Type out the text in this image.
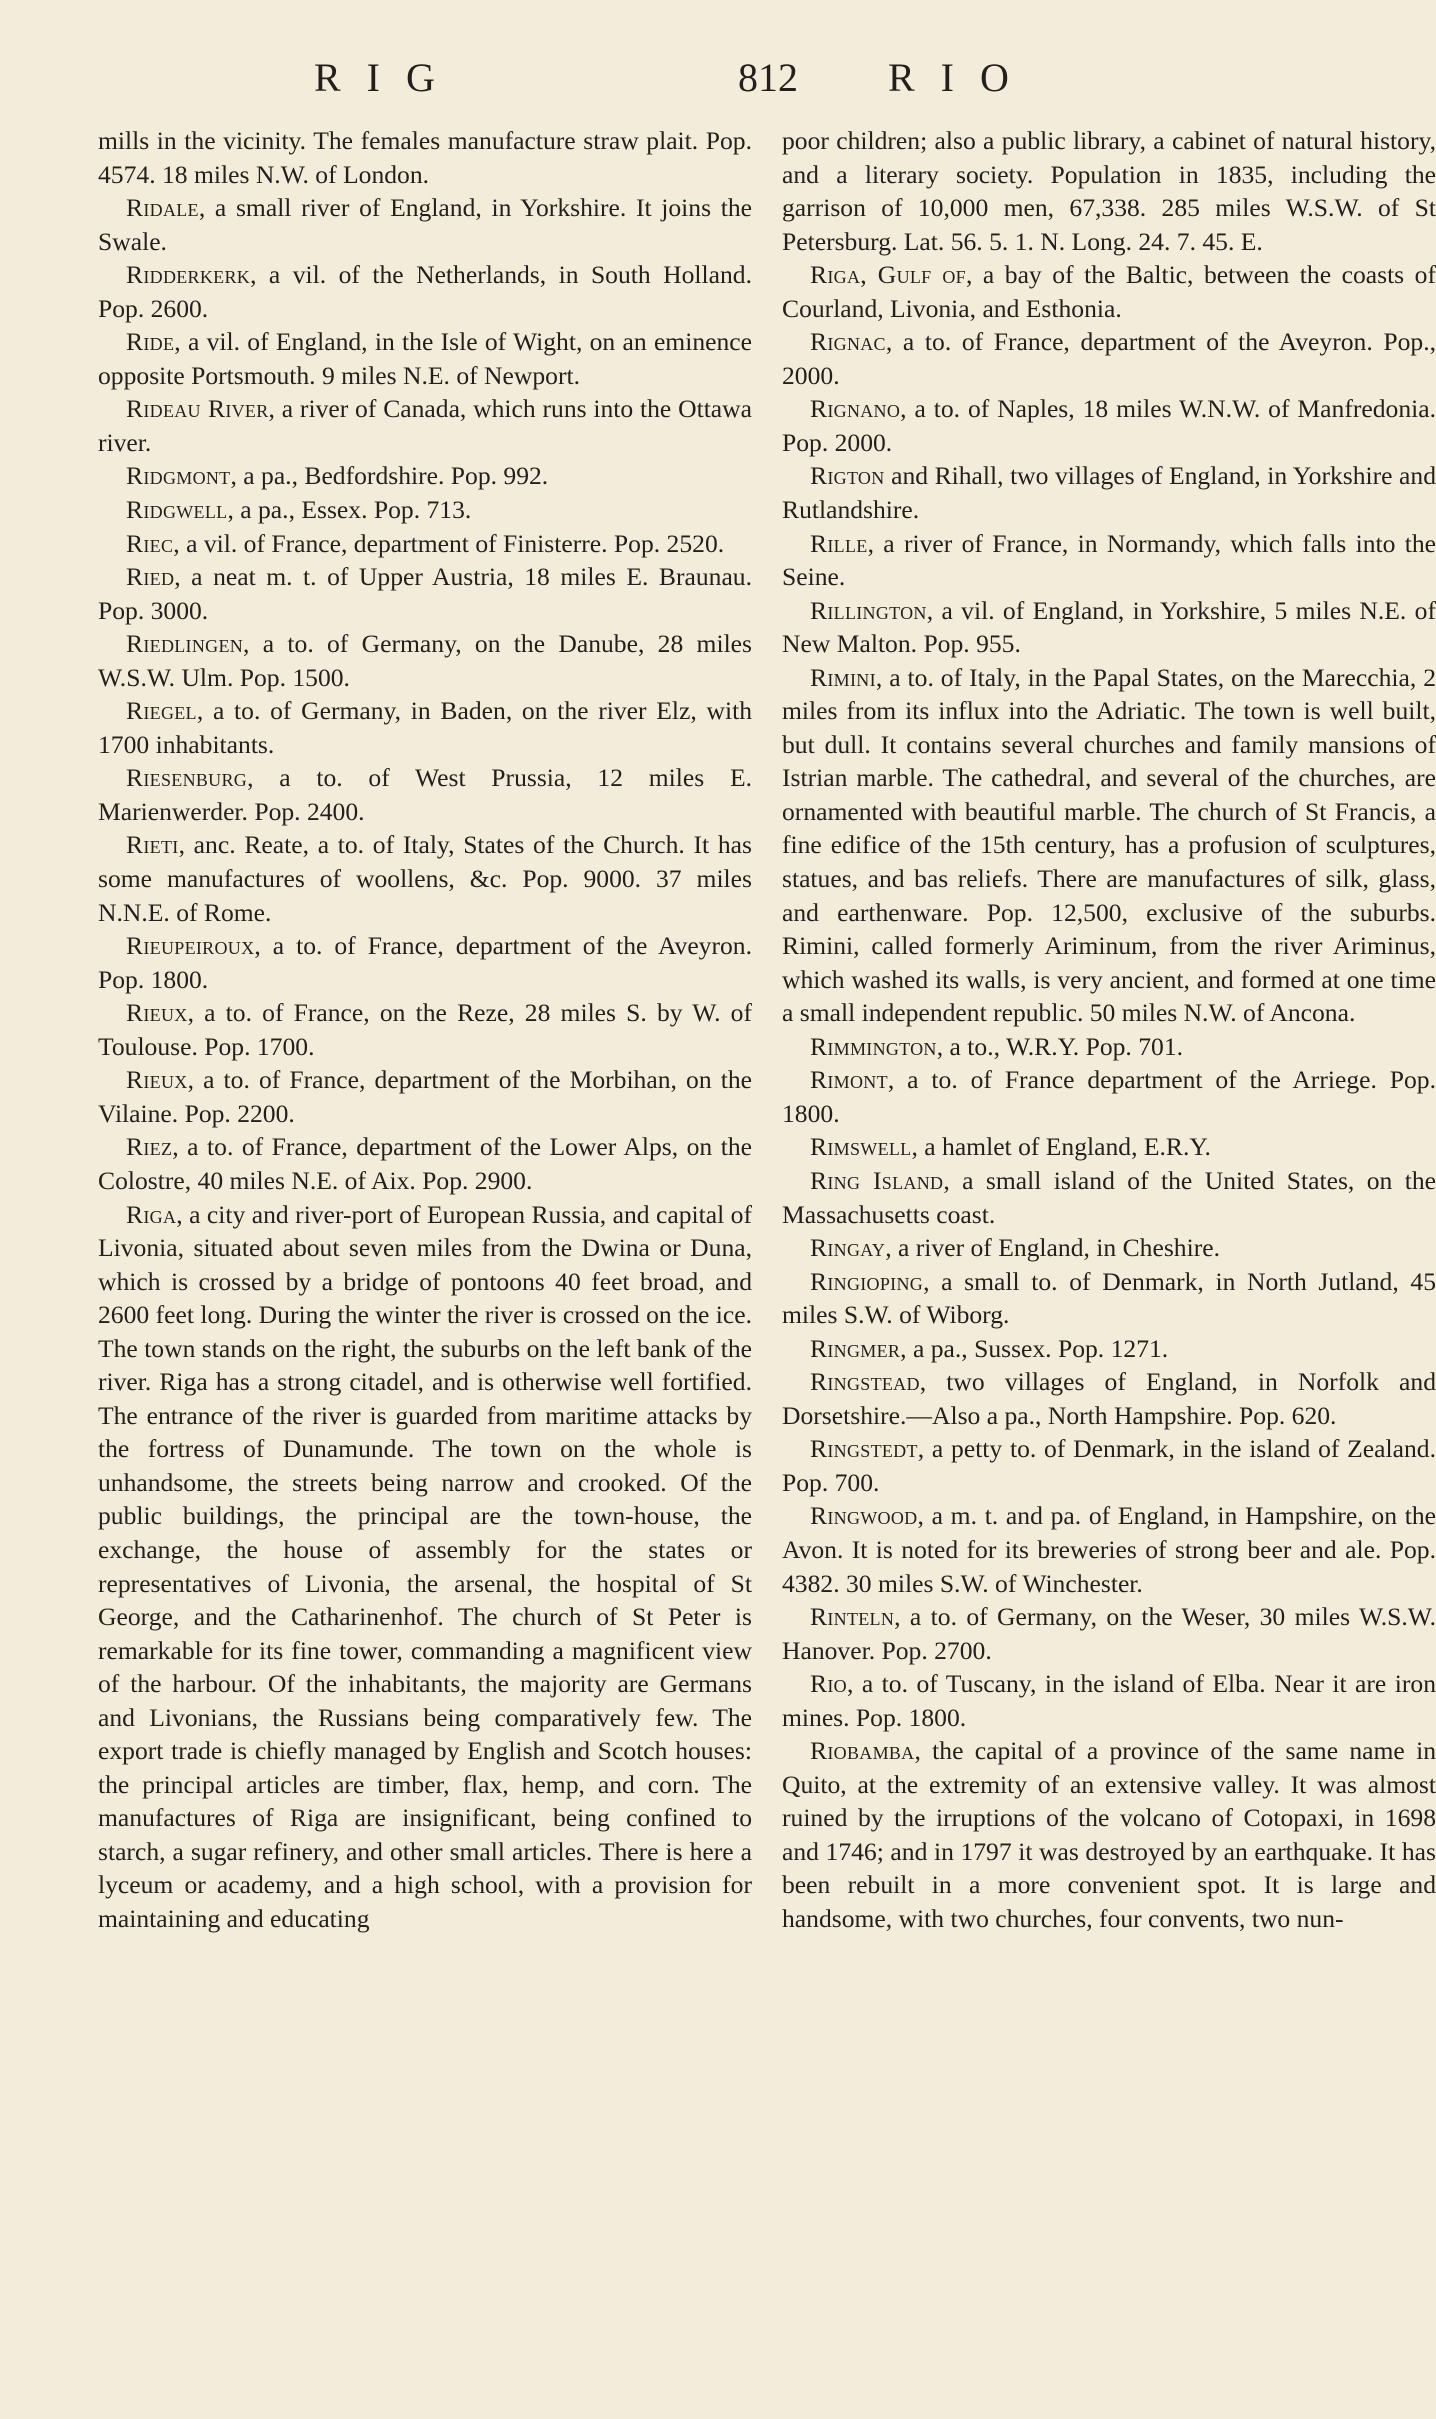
RIG	812 RIO

mills in the vicinity. The females manufacture straw plait. Pop. 4574. 18 miles N.W. of London.

Ridale, a small river of England, in Yorkshire. It joins the Swale.

Ridderkerk, a vil. of the Netherlands, in South Holland. Pop. 2600.

Ride, a vil. of England, in the Isle of Wight, on an eminence opposite Portsmouth. 9 miles N.E. of Newport.

Rideau River, a river of Canada, which runs into the Ottawa river.

Ridgmont, a pa., Bedfordshire. Pop. 992.

Ridgwell, a pa., Essex. Pop. 713.

Riec, a vil. of France, department of Finisterre. Pop. 2520.

Ried, a neat m. t. of Upper Austria, 18 miles E. Braunau. Pop. 3000.

Riedlingen, a to. of Germany, on the Danube, 28 miles W.S.W. Ulm. Pop. 1500.

Riegel, a to. of Germany, in Baden, on the river Elz, with 1700 inhabitants.

Riesenburg, a to. of West Prussia, 12 miles E. Marienwerder. Pop. 2400.

Rieti, anc. Reate, a to. of Italy, States of the Church. It has some manufactures of woollens, &c. Pop. 9000. 37 miles N.N.E. of Rome.

Rieupeiroux, a to. of France, department of the Aveyron. Pop. 1800.

Rieux, a to. of France, on the Reze, 28 miles S. by W. of Toulouse. Pop. 1700.

Rieux, a to. of France, department of the Morbihan, on the Vilaine. Pop. 2200.

Riez, a to. of France, department of the Lower Alps, on the Colostre, 40 miles N.E. of Aix. Pop. 2900.

Riga, a city and river-port of European Russia, and capital of Livonia, situated about seven miles from the Dwina or Duna, which is crossed by a bridge of pontoons 40 feet broad, and 2600 feet long. During the winter the river is crossed on the ice. The town stands on the right, the suburbs on the left bank of the river. Riga has a strong citadel, and is otherwise well fortified. The entrance of the river is guarded from maritime attacks by the fortress of Dunamunde. The town on the whole is unhandsome, the streets being narrow and crooked. Of the public buildings, the principal are the town-house, the exchange, the house of assembly for the states or representatives of Livonia, the arsenal, the hospital of St George, and the Catharinenhof. The church of St Peter is remarkable for its fine tower, commanding a magnificent view of the harbour. Of the inhabitants, the majority are Germans and Livonians, the Russians being comparatively few. The export trade is chiefly managed by English and Scotch houses: the principal articles are timber, flax, hemp, and corn. The manufactures of Riga are insignificant, being confined to starch, a sugar refinery, and other small articles. There is here a lyceum or academy, and a high school, with a provision for maintaining and educating

poor children; also a public library, a cabinet of natural history, and a literary society. Population in 1835, including the garrison of 10,000 men, 67,338. 285 miles W.S.W. of St Petersburg. Lat. 56. 5. 1. N. Long. 24. 7. 45. E.

Riga, Gulf of, a bay of the Baltic, between the coasts of Courland, Livonia, and Esthonia.

Rignac, a to. of France, department of the Aveyron. Pop., 2000.

Rignano, a to. of Naples, 18 miles W.N.W. of Manfredonia. Pop. 2000.

Rigton and Rihall, two villages of England, in Yorkshire and Rutlandshire.

Rille, a river of France, in Normandy, which falls into the Seine.

Rillington, a vil. of England, in Yorkshire, 5 miles N.E. of New Malton. Pop. 955.

Rimini, a to. of Italy, in the Papal States, on the Marecchia, 2 miles from its influx into the Adriatic. The town is well built, but dull. It contains several churches and family mansions of Istrian marble. The cathedral, and several of the churches, are ornamented with beautiful marble. The church of St Francis, a fine edifice of the 15th century, has a profusion of sculptures, statues, and bas reliefs. There are manufactures of silk, glass, and earthenware. Pop. 12,500, exclusive of the suburbs. Rimini, called formerly Ariminum, from the river Ariminus, which washed its walls, is very ancient, and formed at one time a small independent republic. 50 miles N.W. of Ancona.

Rimmington, a to., W.R.Y. Pop. 701.

Rimont, a to. of France department of the Arriege. Pop. 1800.

Rimswell, a hamlet of England, E.R.Y.

Ring Island, a small island of the United States, on the Massachusetts coast.

Ringay, a river of England, in Cheshire.

Ringioping, a small to. of Denmark, in North Jutland, 45 miles S.W. of Wiborg.

Ringmer, a pa., Sussex. Pop. 1271.

Ringstead, two villages of England, in Norfolk and Dorsetshire.—Also a pa., North Hampshire. Pop. 620.

Ringstedt, a petty to. of Denmark, in the island of Zealand. Pop. 700.

Ringwood, a m. t. and pa. of England, in Hampshire, on the Avon. It is noted for its breweries of strong beer and ale. Pop. 4382. 30 miles S.W. of Winchester.

Rinteln, a to. of Germany, on the Weser, 30 miles W.S.W. Hanover. Pop. 2700.

Rio, a to. of Tuscany, in the island of Elba. Near it are iron mines. Pop. 1800.

Riobamba, the capital of a province of the same name in Quito, at the extremity of an extensive valley. It was almost ruined by the irruptions of the volcano of Cotopaxi, in 1698 and 1746; and in 1797 it was destroyed by an earthquake. It has been rebuilt in a more convenient spot. It is large and handsome, with two churches, four convents, two nun-
